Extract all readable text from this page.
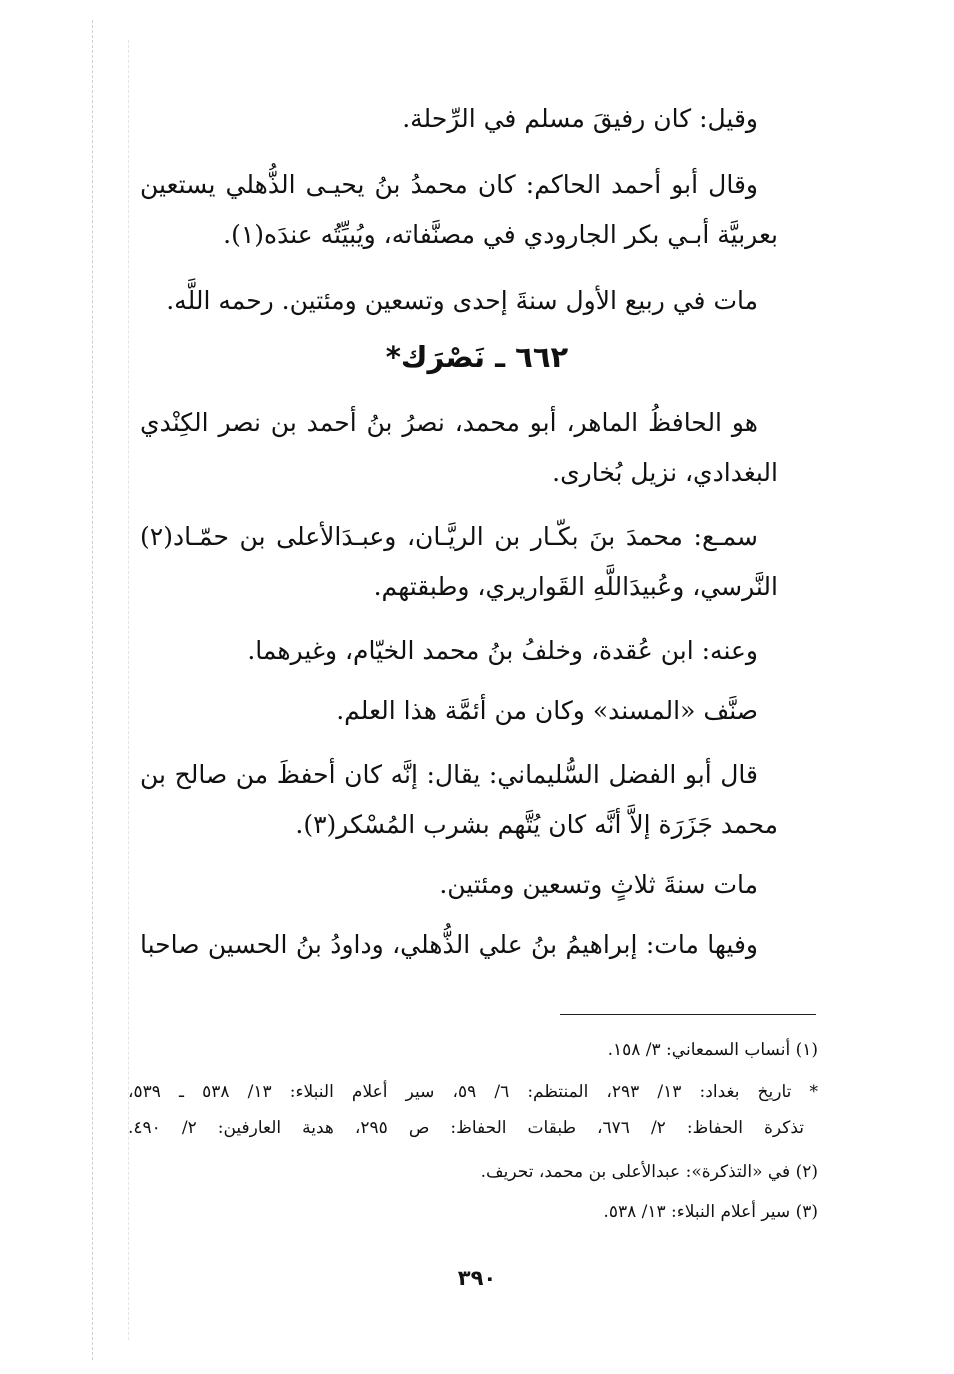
وقيل: كان رفيقَ مسلم في الرِّحلة.
وقال أبو أحمد الحاكم: كان محمدُ بنُ يحيـى الذُّهلي يستعين
بعربيَّة أبـي بكر الجارودي في مصنَّفاته، ويُبيِّتُه عندَه(١).
مات في ربيع الأول سنةَ إحدى وتسعين ومئتين. رحمه اللَّه.
٦٦٢ ـ نَصْرَك*
هو الحافظُ الماهر، أبو محمد، نصرُ بنُ أحمد بن نصر الكِنْدي
البغدادي، نزيل بُخارى.
سمـع: محمدَ بنَ بكّـار بن الريَّـان، وعبـدَالأعلى بن حمّـاد(٢)
النَّرسي، وعُبيدَاللَّهِ القَواريري، وطبقتهم.
وعنه: ابن عُقدة، وخلفُ بنُ محمد الخيّام، وغيرهما.
صنَّف «المسند» وكان من أئمَّة هذا العلم.
قال أبو الفضل السُّليماني: يقال: إنَّه كان أحفظَ من صالح بن
محمد جَزَرَة إلاَّ أنَّه كان يُتَّهم بشرب المُسْكر(٣).
مات سنةَ ثلاثٍ وتسعين ومئتين.
وفيها مات: إبراهيمُ بنُ علي الذُّهلي، وداودُ بنُ الحسين صاحبا
(١) أنساب السمعاني: ٣/ ١٥٨.
* تاريخ بغداد: ١٣/ ٢٩٣، المنتظم: ٦/ ٥٩، سير أعلام النبلاء: ١٣/ ٥٣٨ ـ ٥٣٩،
تذكرة الحفاظ: ٢/ ٦٧٦، طبقات الحفاظ: ص ٢٩٥، هدية العارفين: ٢/ ٤٩٠.
(٢) في «التذكرة»: عبدالأعلى بن محمد، تحريف.
(٣) سير أعلام النبلاء: ١٣/ ٥٣٨.
٣٩٠
